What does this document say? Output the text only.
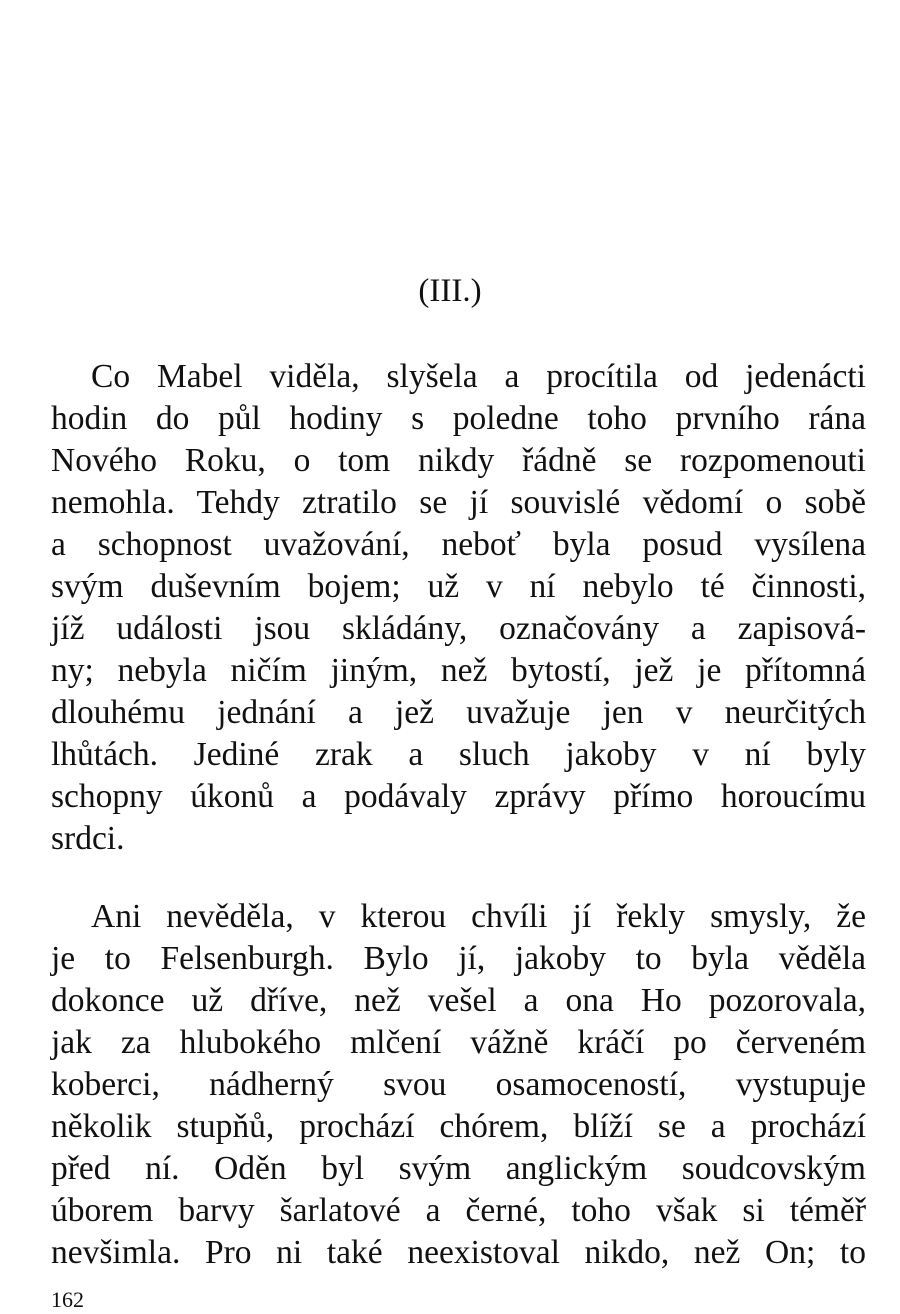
(III.)
Co Mabel viděla, slyšela a procítila od jedenácti
hodin do půl hodiny s poledne toho prvního rána
Nového Roku, o tom nikdy řádně se rozpomenouti
nemohla. Tehdy ztratilo se jí souvislé vědomí o sobě
a schopnost uvažování, neboť byla posud vysílena
svým duševním bojem; už v ní nebylo té činnosti,
jíž události jsou skládány, označovány a zapisová-
ny; nebyla ničím jiným, než bytostí, jež je přítomná
dlouhému jednání a jež uvažuje jen v neurčitých
lhůtách. Jediné zrak a sluch jakoby v ní byly
schopny úkonů a podávaly zprávy přímo horoucímu
srdci.
Ani nevěděla, v kterou chvíli jí řekly smysly, že
je to Felsenburgh. Bylo jí, jakoby to byla věděla
dokonce už dříve, než vešel a ona Ho pozorovala,
jak za hlubokého mlčení vážně kráčí po červeném
koberci, nádherný svou osamoceností, vystupuje
několik stupňů, prochází chórem, blíží se a prochází
před ní. Oděn byl svým anglickým soudcovským
úborem barvy šarlatové a černé, toho však si téměř
nevšimla. Pro ni také neexistoval nikdo, než On; to
162
